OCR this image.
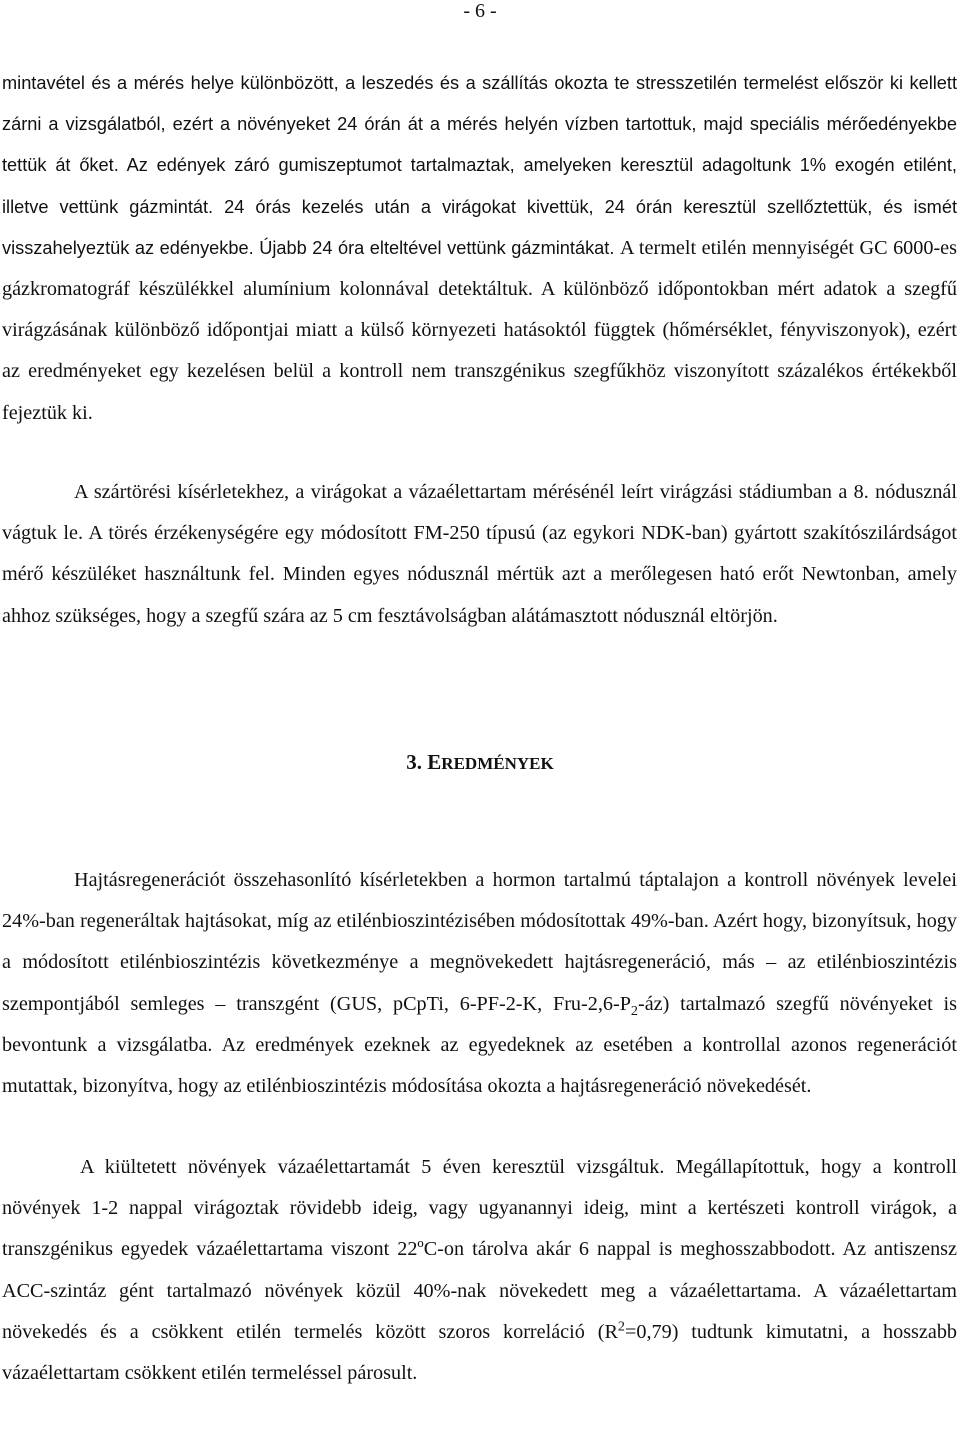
- 6 -

mintavétel és a mérés helye különbözött, a leszedés és a szállítás okozta te stresszetilén termelést először ki kellett zárni a vizsgálatból, ezért a növényeket 24 órán át a mérés helyén vízben tartottuk, majd speciális mérőedényekbe tettük át őket. Az edények záró gumiszeptumot tartalmaztak, amelyeken keresztül adagoltunk 1% exogén etilént, illetve vettünk gázmintát. 24 órás kezelés után a virágokat kivettük, 24 órán keresztül szellőztettük, és ismét visszahelyeztük az edényekbe. Újabb 24 óra elteltével vettünk gázmintákat. A termelt etilén mennyiségét GC 6000-es gázkromatográf készülékkel alumínium kolonnával detektáltuk. A különböző időpontokban mért adatok a szegfű virágzásának különböző időpontjai miatt a külső környezeti hatásoktól függtek (hőmérséklet, fényviszonyok), ezért az eredményeket egy kezelésen belül a kontroll nem transzgénikus szegfűkhöz viszonyított százalékos értékekből fejeztük ki.

A szártörési kísérletekhez, a virágokat a vázaélettartam mérésénél leírt virágzási stádiumban a 8. nódusznál vágtuk le. A törés érzékenységére egy módosított FM-250 típusú (az egykori NDK-ban) gyártott szakítószilárdságot mérő készüléket használtunk fel. Minden egyes nódusznál mértük azt a merőlegesen ható erőt Newtonban, amely ahhoz szükséges, hogy a szegfű szára az 5 cm fesztávolságban alátámasztott nódusznál eltörjön.

3. EREDMÉNYEK

Hajtásregenerációt összehasonlító kísérletekben a hormon tartalmú táptalajon a kontroll növények levelei 24%-ban regeneráltak hajtásokat, míg az etilénbioszintézisében módosítottak 49%-ban. Azért hogy, bizonyítsuk, hogy a módosított etilénbioszintézis következménye a megnövekedett hajtásregeneráció, más – az etilénbioszintézis szempontjából semleges – transzgént (GUS, pCpTi, 6-PF-2-K, Fru-$2,6-P_2-áz$) tartalmazó szegfű növényeket is bevontunk a vizsgálatba. Az eredmények ezeknek az egyedeknek az esetében a kontrollal azonos regenerációt mutattak, bizonyítva, hogy az etilénbioszintézis módosítása okozta a hajtásregeneráció növekedését.

A kiültetett növények vázaélettartamát 5 éven keresztül vizsgáltuk. Megállapítottuk, hogy a kontroll növények 1-2 nappal virágoztak rövidebb ideig, vagy ugyanannyi ideig, mint a kertészeti kontroll virágok, a transzgénikus egyedek vázaélettartama viszont 22ºC-on tárolva akár 6 nappal is meghosszabbodott. Az antiszensz ACC-szintáz gént tartalmazó növények közül 40%-nak növekedett meg a vázaélettartama. A vázaélettartam növekedés és a csökkent etilén termelés között szoros korreláció $(R^2=0,79)$ tudtunk kimutatni, a hosszabb vázaélettartam csökkent etilén termeléssel párosult.
